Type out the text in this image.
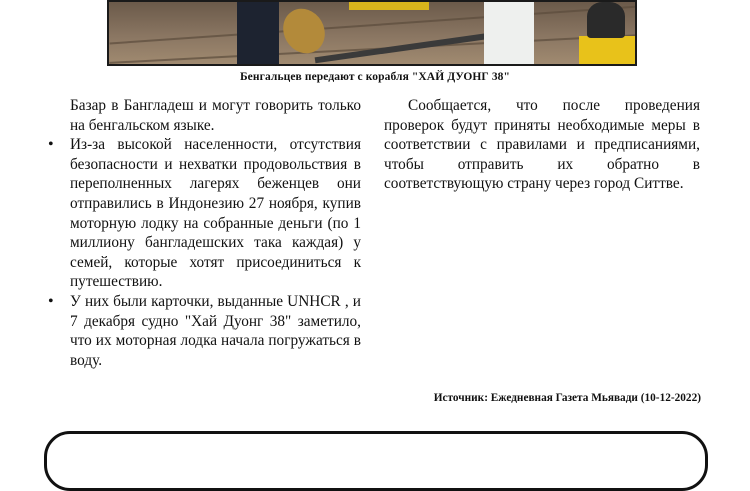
Бенгальцев передают с корабля "ХАЙ ДУОНГ 38"

Базар в Бангладеш и могут говорить только на бенгальском языке.

• Из-за высокой населенности, отсутствия безопасности и нехватки продовольствия в переполненных лагерях беженцев они отправились в Индонезию 27 ноября, купив моторную лодку на собранные деньги (по 1 миллиону бангладешских така каждая) у семей, которые хотят присоединиться к путешествию.
• У них были карточки, выданные UNHCR , и 7 декабря судно "Хай Дуонг 38" заметило, что их моторная лодка начала погружаться в воду.

Сообщается, что после проведения проверок будут приняты необходимые меры в соответствии с правилами и предписаниями, чтобы отправить их обратно в соответствующую страну через город Ситтве.

Источник: Ежедневная Газета Мьявади (10-12-2022)
